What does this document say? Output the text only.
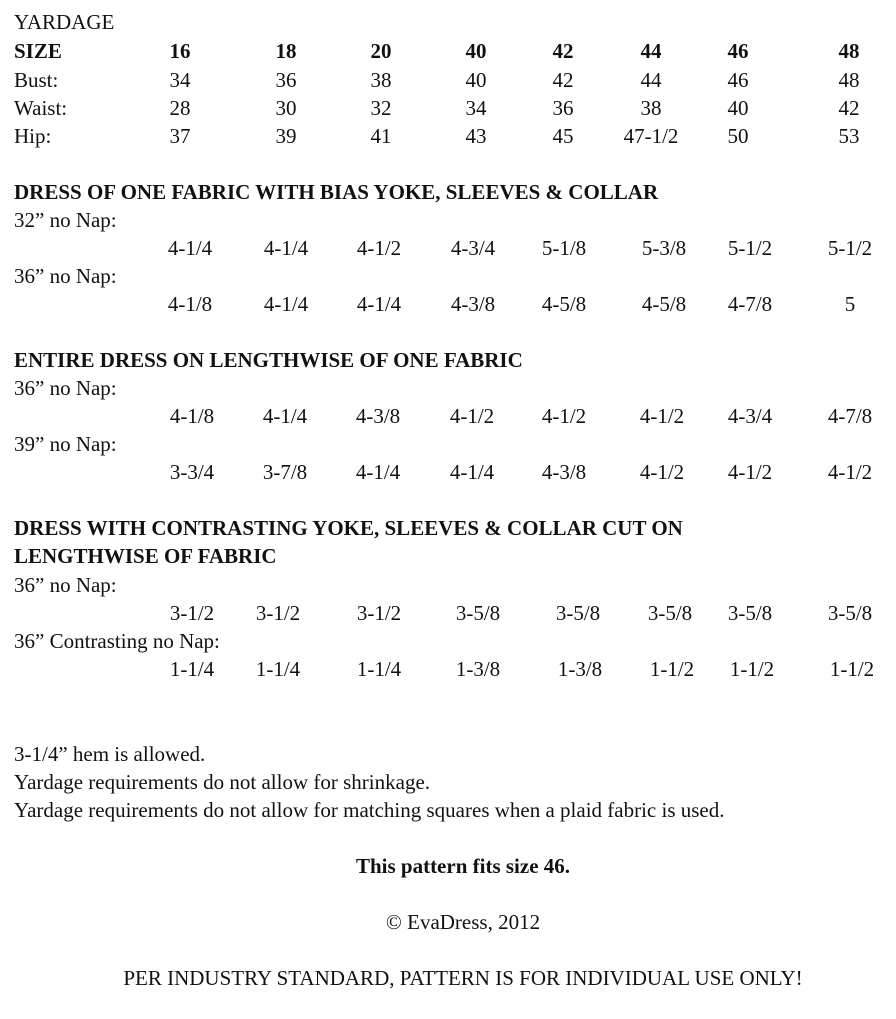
YARDAGE
SIZE	16	18	20	40	42	44	46	48
Bust:	34	36	38	40	42	44	46	48
Waist:	28	30	32	34	36	38	40	42
Hip:	37	39	41	43	45	47-1/2	50	53
DRESS OF ONE FABRIC WITH BIAS YOKE, SLEEVES & COLLAR
32” no Nap:
4-1/4	4-1/4	4-1/2	4-3/4	5-1/8	5-3/8	5-1/2	5-1/2
36” no Nap:
4-1/8	4-1/4	4-1/4	4-3/8	4-5/8	4-5/8	4-7/8	5
ENTIRE DRESS ON LENGTHWISE OF ONE FABRIC
36” no Nap:
4-1/8	4-1/4	4-3/8	4-1/2	4-1/2	4-1/2	4-3/4	4-7/8
39” no Nap:
3-3/4	3-7/8	4-1/4	4-1/4	4-3/8	4-1/2	4-1/2	4-1/2
DRESS WITH CONTRASTING YOKE, SLEEVES & COLLAR CUT ON
LENGTHWISE OF FABRIC
36” no Nap:
3-1/2	3-1/2	3-1/2	3-5/8	3-5/8	3-5/8	3-5/8	3-5/8
36” Contrasting no Nap:
1-1/4	1-1/4	1-1/4	1-3/8	1-3/8	1-1/2	1-1/2	1-1/2
3-1/4” hem is allowed.
Yardage requirements do not allow for shrinkage.
Yardage requirements do not allow for matching squares when a plaid fabric is used.
This pattern fits size 46.
© EvaDress, 2012
PER INDUSTRY STANDARD, PATTERN IS FOR INDIVIDUAL USE ONLY!
